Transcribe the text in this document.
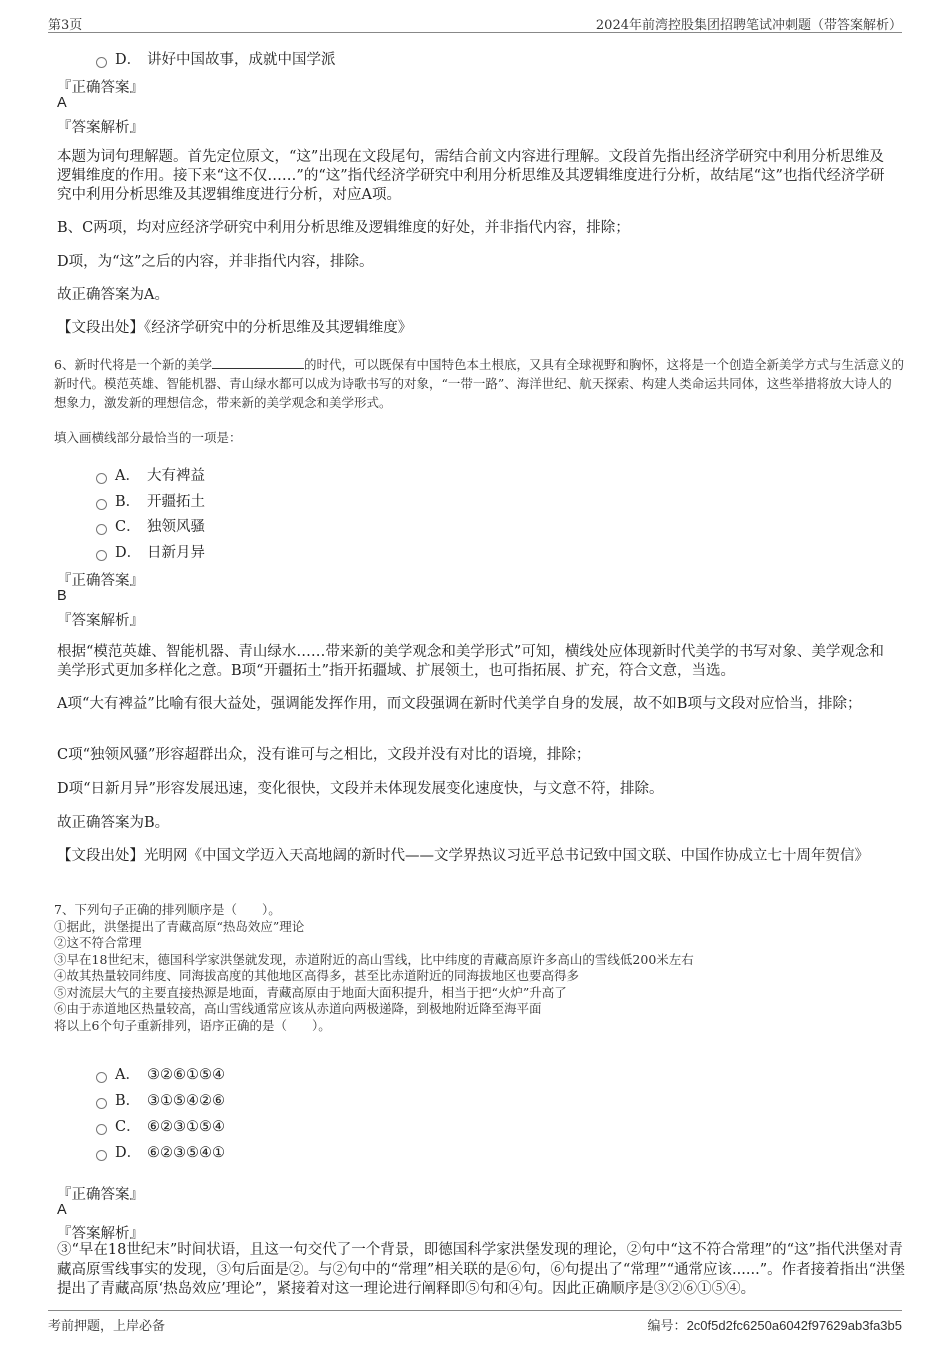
第3页	2024年前湾控股集团招聘笔试冲刺题（带答案解析）
D． 讲好中国故事，成就中国学派
『正确答案』
A
『答案解析』
本题为词句理解题。首先定位原文，“这”出现在文段尾句，需结合前文内容进行理解。文段首先指出经济学研究中利用分析思维及逻辑维度的作用。接下来“这不仅……”的“这”指代经济学研究中利用分析思维及其逻辑维度进行分析，故结尾“这”也指代经济学研究中利用分析思维及其逻辑维度进行分析，对应A项。
B、C两项，均对应经济学研究中利用分析思维及逻辑维度的好处，并非指代内容，排除；
D项，为“这”之后的内容，并非指代内容，排除。
故正确答案为A。
【文段出处】《经济学研究中的分析思维及其逻辑维度》
6、新时代将是一个新的美学	的时代，可以既保有中国特色本土根底，又具有全球视野和胸怀，这将是一个创造全新美学方式与生活意义的新时代。模范英雄、智能机器、青山绿水都可以成为诗歌书写的对象，“一带一路”、海洋世纪、航天探索、构建人类命运共同体，这些举措将放大诗人的想象力，激发新的理想信念，带来新的美学观念和美学形式。
填入画横线部分最恰当的一项是：
A． 大有裨益
B． 开疆拓土
C． 独领风骚
D． 日新月异
『正确答案』
B
『答案解析』
根据“模范英雄、智能机器、青山绿水……带来新的美学观念和美学形式”可知，横线处应体现新时代美学的书写对象、美学观念和美学形式更加多样化之意。B项“开疆拓土”指开拓疆域、扩展领土，也可指拓展、扩充，符合文意，当选。
A项“大有裨益”比喻有很大益处，强调能发挥作用，而文段强调在新时代美学自身的发展，故不如B项与文段对应恰当，排除；
C项“独领风骚”形容超群出众，没有谁可与之相比，文段并没有对比的语境，排除；
D项“日新月异”形容发展迅速，变化很快，文段并未体现发展变化速度快，与文意不符，排除。
故正确答案为B。
【文段出处】光明网《中国文学迈入天高地阔的新时代——文学界热议习近平总书记致中国文联、中国作协成立七十周年贺信》
7、下列句子正确的排列顺序是（　　）。
①据此，洪堡提出了青藏高原“热岛效应”理论
②这不符合常理
③早在18世纪末，德国科学家洪堡就发现，赤道附近的高山雪线，比中纬度的青藏高原许多高山的雪线低200米左右
④故其热量较同纬度、同海拔高度的其他地区高得多，甚至比赤道附近的同海拔地区也要高得多
⑤对流层大气的主要直接热源是地面，青藏高原由于地面大面积提升，相当于把“火炉”升高了
⑥由于赤道地区热量较高，高山雪线通常应该从赤道向两极递降，到极地附近降至海平面
将以上6个句子重新排列，语序正确的是（　　）。
A． ③②⑥①⑤④
B． ③①⑤④②⑥
C． ⑥②③①⑤④
D． ⑥②③⑤④①
『正确答案』
A
『答案解析』
③“早在18世纪末”时间状语，且这一句交代了一个背景，即德国科学家洪堡发现的理论，②句中“这不符合常理”的“这”指代洪堡对青藏高原雪线事实的发现，③句后面是②。与②句中的“常理”相关联的是⑥句，⑥句提出了“常理”“通常应该......”。作者接着指出“洪堡提出了青藏高原‘热岛效应’理论”，紧接着对这一理论进行阐释即⑤句和④句。因此正确顺序是③②⑥①⑤④。
考前押题，上岸必备	编号：2c0f5d2fc6250a6042f97629ab3fa3b5
